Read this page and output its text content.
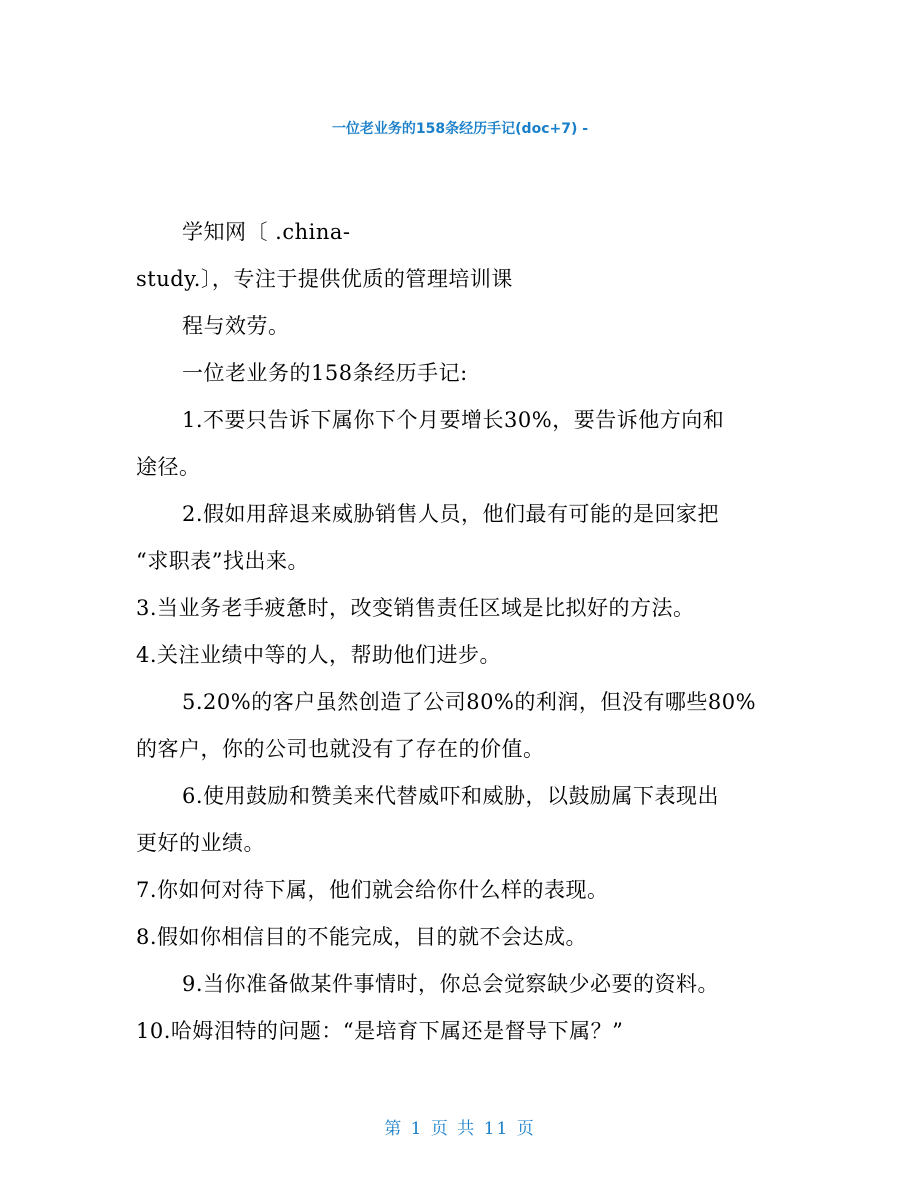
一位老业务的158条经历手记(doc+7) -
学知网〔 .china-
study.〕，专注于提供优质的管理培训课
程与效劳。
一位老业务的158条经历手记:
1.不要只告诉下属你下个月要增长30%，要告诉他方向和
途径。
2.假如用辞退来威胁销售人员，他们最有可能的是回家把
“求职表”找出来。
3.当业务老手疲惫时，改变销售责任区域是比拟好的方法。
4.关注业绩中等的人，帮助他们进步。
5.20%的客户虽然创造了公司80%的利润，但没有哪些80%
的客户，你的公司也就没有了存在的价值。
6.使用鼓励和赞美来代替威吓和威胁，以鼓励属下表现出
更好的业绩。
7.你如何对待下属，他们就会给你什么样的表现。
8.假如你相信目的不能完成，目的就不会达成。
9.当你准备做某件事情时，你总会觉察缺少必要的资料。
10.哈姆泪特的问题：“是培育下属还是督导下属？”
第 1 页 共 11 页
